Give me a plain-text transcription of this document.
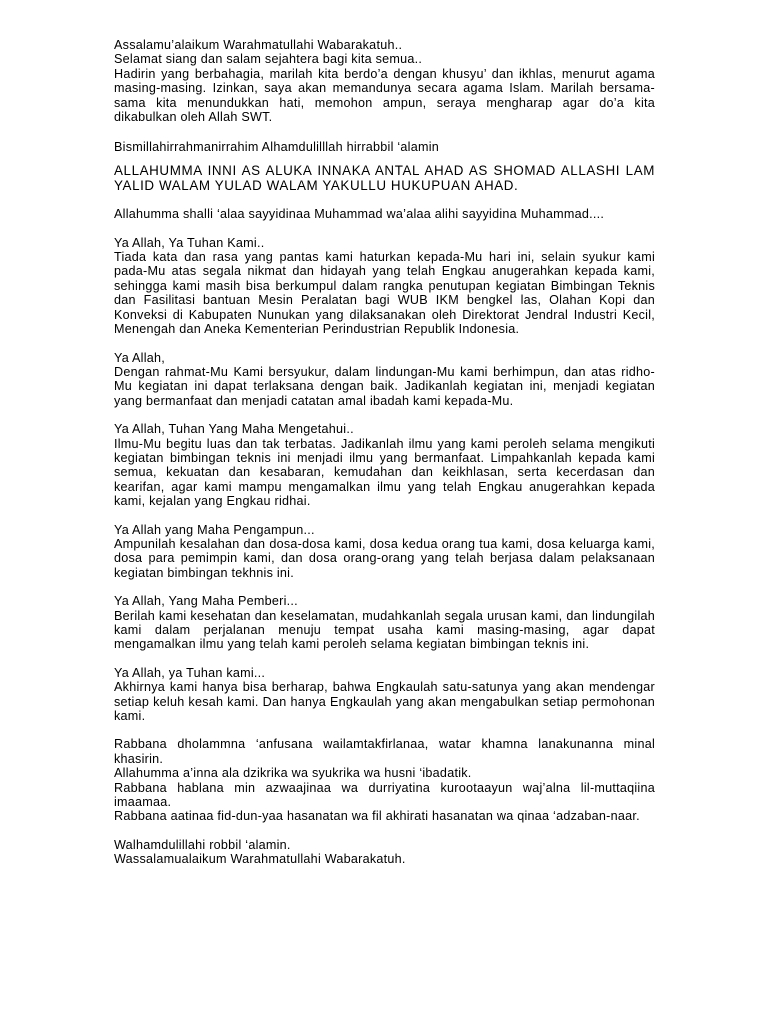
Assalamu’alaikum Warahmatullahi Wabarakatuh..
Selamat siang dan salam sejahtera bagi kita semua..
Hadirin yang berbahagia, marilah kita berdo’a dengan khusyu’ dan ikhlas, menurut agama masing-masing. Izinkan, saya akan memandunya secara agama Islam. Marilah bersama-sama kita menundukkan hati, memohon ampun, seraya mengharap agar do’a kita dikabulkan oleh Allah SWT.
Bismillahirrahmanirrahim Alhamdulilllah hirrabbil ‘alamin
ALLAHUMMA INNI AS ALUKA INNAKA ANTAL AHAD AS SHOMAD ALLASHI LAM YALID WALAM YULAD WALAM YAKULLU HUKUPUAN AHAD.
Allahumma shalli ‘alaa sayyidinaa Muhammad wa’alaa alihi sayyidina Muhammad....
Ya Allah, Ya Tuhan Kami..
Tiada kata dan rasa yang pantas kami haturkan kepada-Mu hari ini, selain syukur kami pada-Mu atas segala nikmat dan hidayah yang telah Engkau anugerahkan kepada kami, sehingga kami masih bisa berkumpul dalam rangka penutupan kegiatan Bimbingan Teknis dan Fasilitasi bantuan Mesin Peralatan bagi WUB IKM bengkel las, Olahan Kopi dan Konveksi di Kabupaten Nunukan yang dilaksanakan oleh Direktorat Jendral Industri Kecil, Menengah dan Aneka Kementerian Perindustrian Republik Indonesia.
Ya Allah,
Dengan rahmat-Mu Kami bersyukur, dalam lindungan-Mu kami berhimpun, dan atas ridho-Mu kegiatan ini dapat terlaksana dengan baik. Jadikanlah kegiatan ini, menjadi kegiatan yang bermanfaat dan menjadi catatan amal ibadah kami kepada-Mu.
Ya Allah, Tuhan Yang Maha Mengetahui..
Ilmu-Mu begitu luas dan tak terbatas. Jadikanlah ilmu yang kami peroleh selama mengikuti kegiatan bimbingan teknis ini menjadi ilmu yang bermanfaat. Limpahkanlah kepada kami semua, kekuatan dan kesabaran, kemudahan dan keikhlasan, serta kecerdasan dan kearifan, agar kami mampu mengamalkan ilmu yang telah Engkau anugerahkan kepada kami, kejalan yang Engkau ridhai.
Ya Allah yang Maha Pengampun...
Ampunilah kesalahan dan dosa-dosa kami, dosa kedua orang tua kami, dosa keluarga kami, dosa para pemimpin kami, dan dosa orang-orang yang telah berjasa dalam pelaksanaan kegiatan bimbingan tekhnis ini.
Ya Allah, Yang Maha Pemberi...
Berilah kami kesehatan dan keselamatan, mudahkanlah segala urusan kami, dan lindungilah kami dalam perjalanan menuju tempat usaha kami masing-masing, agar dapat mengamalkan ilmu yang telah kami peroleh selama kegiatan bimbingan teknis ini.
Ya Allah, ya Tuhan kami...
Akhirnya kami hanya bisa berharap, bahwa Engkaulah satu-satunya yang akan mendengar setiap keluh kesah kami. Dan hanya Engkaulah yang akan mengabulkan setiap permohonan kami.
Rabbana dholammna ‘anfusana wailamtakfirlanaa, watar khamna lanakunanna minal khasirin.
Allahumma a’inna ala dzikrika wa syukrika wa husni ‘ibadatik.
Rabbana hablana min azwaajinaa wa durriyatina kurootaayun waj’alna lil-muttaqiina imaamaa.
Rabbana aatinaa fid-dun-yaa hasanatan wa fil akhirati hasanatan wa qinaa ‘adzaban-naar.
Walhamdulillahi robbil ‘alamin.
Wassalamualaikum Warahmatullahi Wabarakatuh.
